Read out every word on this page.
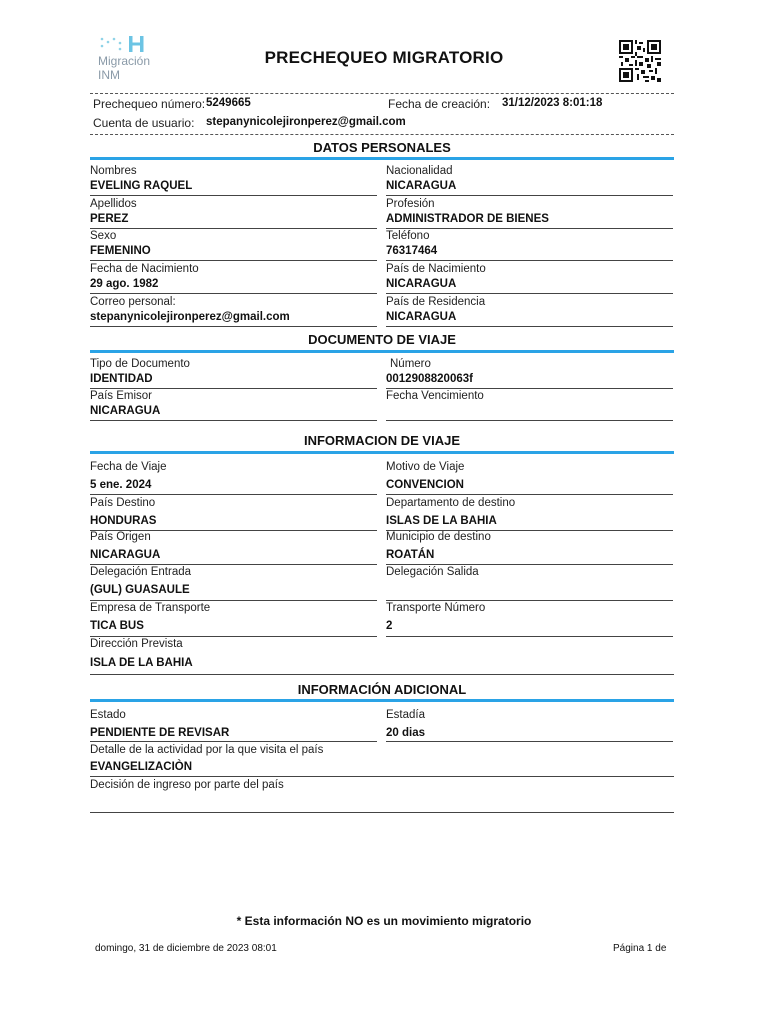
Migración
INM
PRECHEQUEO MIGRATORIO
Prechequeo número: 5249665	Fecha de creación: 31/12/2023 8:01:18
Cuenta de usuario: stepanynicolejironperez@gmail.com
DATOS PERSONALES
Nombres
EVELING RAQUEL
Nacionalidad
NICARAGUA
Apellidos
PEREZ
Profesión
ADMINISTRADOR DE BIENES
Sexo
FEMENINO
Teléfono
76317464
Fecha de Nacimiento
29 ago. 1982
País de Nacimiento
NICARAGUA
Correo personal:
stepanynicolejironperez@gmail.com
País de Residencia
NICARAGUA
DOCUMENTO DE VIAJE
Tipo de Documento
IDENTIDAD
Número
0012908820063f
País Emisor
NICARAGUA
Fecha Vencimiento
INFORMACION DE VIAJE
Fecha de Viaje
5 ene. 2024
Motivo de Viaje
CONVENCION
País Destino
HONDURAS
Departamento de destino
ISLAS DE LA BAHIA
País Origen
NICARAGUA
Municipio de destino
ROATÁN
Delegación Entrada
(GUL) GUASAULE
Delegación Salida
Empresa de Transporte
TICA BUS
Transporte Número
2
Dirección Prevista
ISLA DE LA BAHIA
INFORMACIÓN ADICIONAL
Estado
PENDIENTE DE REVISAR
Estadía
20 dias
Detalle de la actividad por la que visita el país
EVANGELIZACIÒN
Decisión de ingreso por parte del país
* Esta información NO es un movimiento migratorio
domingo, 31 de diciembre de 2023 08:01	Página 1 de
